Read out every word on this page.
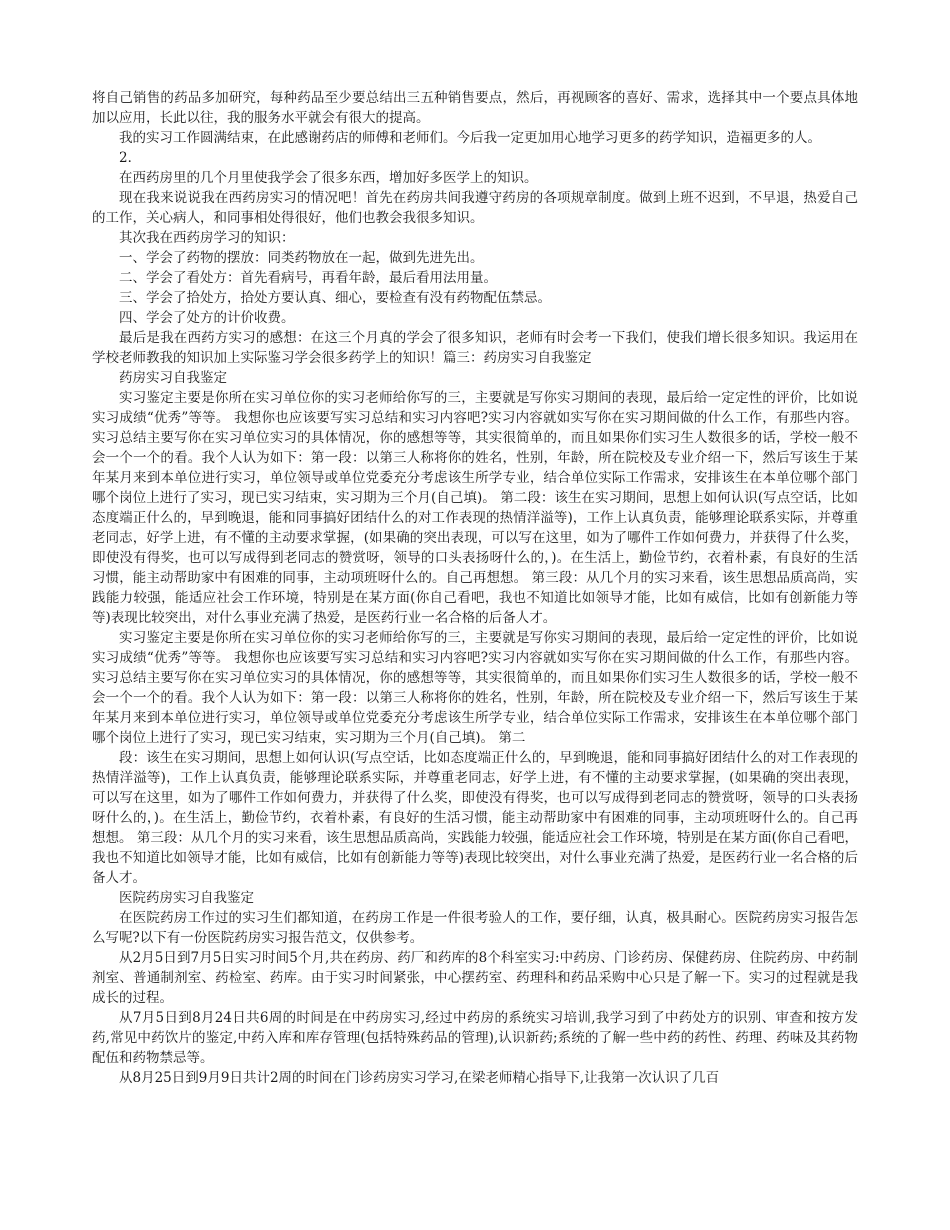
将自己销售的药品多加研究，每种药品至少要总结出三五种销售要点，然后，再视顾客的喜好、需求，选择其中一个要点具体地加以应用，长此以往，我的服务水平就会有很大的提高。

我的实习工作圆满结束，在此感谢药店的师傅和老师们。今后我一定更加用心地学习更多的药学知识，造福更多的人。

2．

在西药房里的几个月里使我学会了很多东西，增加好多医学上的知识。

现在我来说说我在西药房实习的情况吧！首先在药房共间我遵守药房的各项规章制度。做到上班不迟到，不早退，热爱自己的工作，关心病人，和同事相处得很好，他们也教会我很多知识。

其次我在西药房学习的知识：

一、学会了药物的摆放：同类药物放在一起，做到先进先出。

二、学会了看处方：首先看病号，再看年龄，最后看用法用量。

三、学会了拾处方，拾处方要认真、细心，要检查有没有药物配伍禁忌。

四、学会了处方的计价收费。

最后是我在西药方实习的感想：在这三个月真的学会了很多知识，老师有时会考一下我们，使我们增长很多知识。我运用在学校老师教我的知识加上实际鉴习学会很多药学上的知识！篇三：药房实习自我鉴定

药房实习自我鉴定

实习鉴定主要是你所在实习单位你的实习老师给你写的三，主要就是写你实习期间的表现，最后给一定定性的评价，比如说实习成绩“优秀”等等。 我想你也应该要写实习总结和实习内容吧?实习内容就如实写你在实习期间做的什么工作，有那些内容。实习总结主要写你在实习单位实习的具体情况，你的感想等等，其实很简单的，而且如果你们实习生人数很多的话，学校一般不会一个一个的看。我个人认为如下：第一段：以第三人称将你的姓名，性别，年龄，所在院校及专业介绍一下，然后写该生于某年某月来到本单位进行实习，单位领导或单位党委充分考虑该生所学专业，结合单位实际工作需求，安排该生在本单位哪个部门哪个岗位上进行了实习，现已实习结束，实习期为三个月(自己填)。 第二段：该生在实习期间，思想上如何认识(写点空话，比如态度端正什么的，早到晚退，能和同事搞好团结什么的对工作表现的热情洋溢等)，工作上认真负责，能够理论联系实际，并尊重老同志，好学上进，有不懂的主动要求掌握，(如果确的突出表现，可以写在这里，如为了哪件工作如何费力，并获得了什么奖，即使没有得奖，也可以写成得到老同志的赞赏呀，领导的口头表扬呀什么的，)。在生活上，勤俭节约，衣着朴素，有良好的生活习惯，能主动帮助家中有困难的同事，主动项班呀什么的。自己再想想。 第三段：从几个月的实习来看，该生思想品质高尚，实践能力较强，能适应社会工作环境，特别是在某方面(你自己看吧，我也不知道比如领导才能，比如有威信，比如有创新能力等等)表现比较突出，对什么事业充满了热爱，是医药行业一名合格的后备人才。

实习鉴定主要是你所在实习单位你的实习老师给你写的三，主要就是写你实习期间的表现，最后给一定定性的评价，比如说实习成绩“优秀”等等。 我想你也应该要写实习总结和实习内容吧?实习内容就如实写你在实习期间做的什么工作，有那些内容。实习总结主要写你在实习单位实习的具体情况，你的感想等等，其实很简单的，而且如果你们实习生人数很多的话，学校一般不会一个一个的看。我个人认为如下：第一段：以第三人称将你的姓名，性别，年龄，所在院校及专业介绍一下，然后写该生于某年某月来到本单位进行实习，单位领导或单位党委充分考虑该生所学专业，结合单位实际工作需求，安排该生在本单位哪个部门哪个岗位上进行了实习，现已实习结束，实习期为三个月(自己填)。 第二

段：该生在实习期间，思想上如何认识(写点空话，比如态度端正什么的，早到晚退，能和同事搞好团结什么的对工作表现的热情洋溢等)，工作上认真负责，能够理论联系实际，并尊重老同志，好学上进，有不懂的主动要求掌握，(如果确的突出表现，可以写在这里，如为了哪件工作如何费力，并获得了什么奖，即使没有得奖，也可以写成得到老同志的赞赏呀，领导的口头表扬呀什么的，)。在生活上，勤俭节约，衣着朴素，有良好的生活习惯，能主动帮助家中有困难的同事，主动项班呀什么的。自己再想想。 第三段：从几个月的实习来看，该生思想品质高尚，实践能力较强，能适应社会工作环境，特别是在某方面(你自己看吧，我也不知道比如领导才能，比如有威信，比如有创新能力等等)表现比较突出，对什么事业充满了热爱，是医药行业一名合格的后备人才。

医院药房实习自我鉴定

在医院药房工作过的实习生们都知道，在药房工作是一件很考验人的工作，要仔细，认真，极具耐心。医院药房实习报告怎么写呢?以下有一份医院药房实习报告范文，仅供参考。

从2月5日到7月5日实习时间5个月,共在药房、药厂和药库的8个科室实习:中药房、门诊药房、保健药房、住院药房、中药制剂室、普通制剂室、药检室、药库。由于实习时间紧张，中心摆药室、药理科和药品采购中心只是了解一下。实习的过程就是我成长的过程。

从7月5日到8月24日共6周的时间是在中药房实习,经过中药房的系统实习培训,我学习到了中药处方的识别、审查和按方发药,常见中药饮片的鉴定,中药入库和库存管理(包括特殊药品的管理),认识新药;系统的了解一些中药的药性、药理、药味及其药物配伍和药物禁忌等。

从8月25日到9月9日共计2周的时间在门诊药房实习学习,在梁老师精心指导下,让我第一次认识了几百
